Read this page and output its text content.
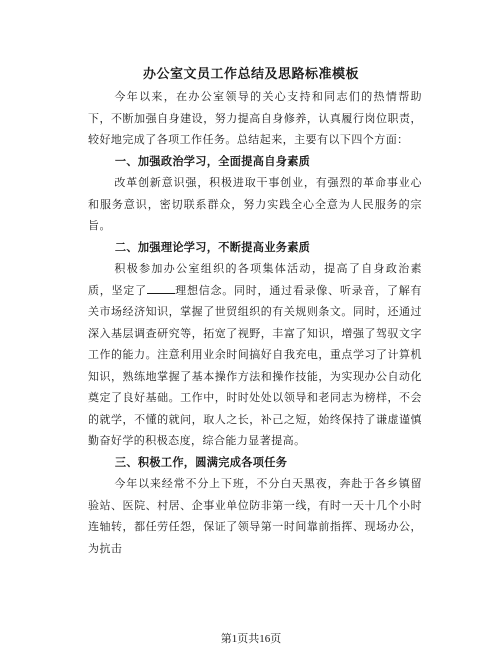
办公室文员工作总结及思路标准模板

今年以来，在办公室领导的关心支持和同志们的热情帮助下，不断加强自身建设，努力提高自身修养，认真履行岗位职责，较好地完成了各项工作任务。总结起来，主要有以下四个方面：

一、加强政治学习，全面提高自身素质

改革创新意识强，积极进取干事创业，有强烈的革命事业心和服务意识，密切联系群众，努力实践全心全意为人民服务的宗旨。

二、加强理论学习，不断提高业务素质

积极参加办公室组织的各项集体活动，提高了自身政治素质，坚定了	理想信念。同时，通过看录像、听录音，了解有关市场经济知识，掌握了世贸组织的有关规则条文。同时，还通过深入基层调查研究等，拓宽了视野，丰富了知识，增强了驾驭文字工作的能力。注意利用业余时间搞好自我充电，重点学习了计算机知识，熟练地掌握了基本操作方法和操作技能，为实现办公自动化奠定了良好基础。工作中，时时处处以领导和老同志为榜样，不会的就学，不懂的就问，取人之长，补己之短，始终保持了谦虚谨慎勤奋好学的积极态度，综合能力显著提高。

三、积极工作，圆满完成各项任务

今年以来经常不分上下班，不分白天黑夜，奔赴于各乡镇留验站、医院、村居、企事业单位防非第一线，有时一天十几个小时连轴转，都任劳任怨，保证了领导第一时间靠前指挥、现场办公，为抗击

第1页共16页
